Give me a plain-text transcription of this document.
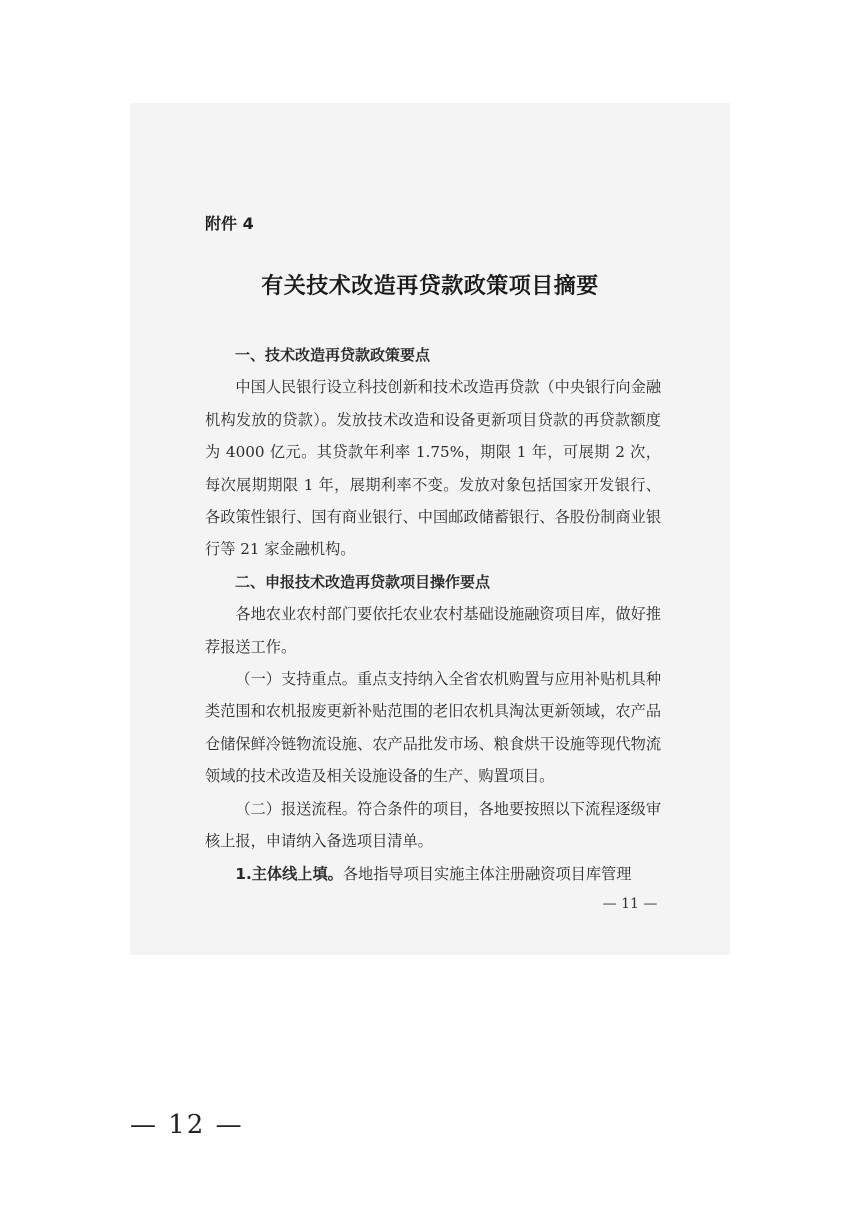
附件 4
有关技术改造再贷款政策项目摘要

一、技术改造再贷款政策要点

中国人民银行设立科技创新和技术改造再贷款（中央银行向金融机构发放的贷款）。发放技术改造和设备更新项目贷款的再贷款额度为 4000 亿元。其贷款年利率 1.75%，期限 1 年，可展期 2 次，每次展期期限 1 年，展期利率不变。发放对象包括国家开发银行、各政策性银行、国有商业银行、中国邮政储蓄银行、各股份制商业银行等 21 家金融机构。

二、申报技术改造再贷款项目操作要点

各地农业农村部门要依托农业农村基础设施融资项目库，做好推荐报送工作。

（一）支持重点。重点支持纳入全省农机购置与应用补贴机具种类范围和农机报废更新补贴范围的老旧农机具淘汰更新领域，农产品仓储保鲜冷链物流设施、农产品批发市场、粮食烘干设施等现代物流领域的技术改造及相关设施设备的生产、购置项目。

（二）报送流程。符合条件的项目，各地要按照以下流程逐级审核上报，申请纳入备选项目清单。

1.主体线上填。各地指导项目实施主体注册融资项目库管理

— 11 —
— 12 —
